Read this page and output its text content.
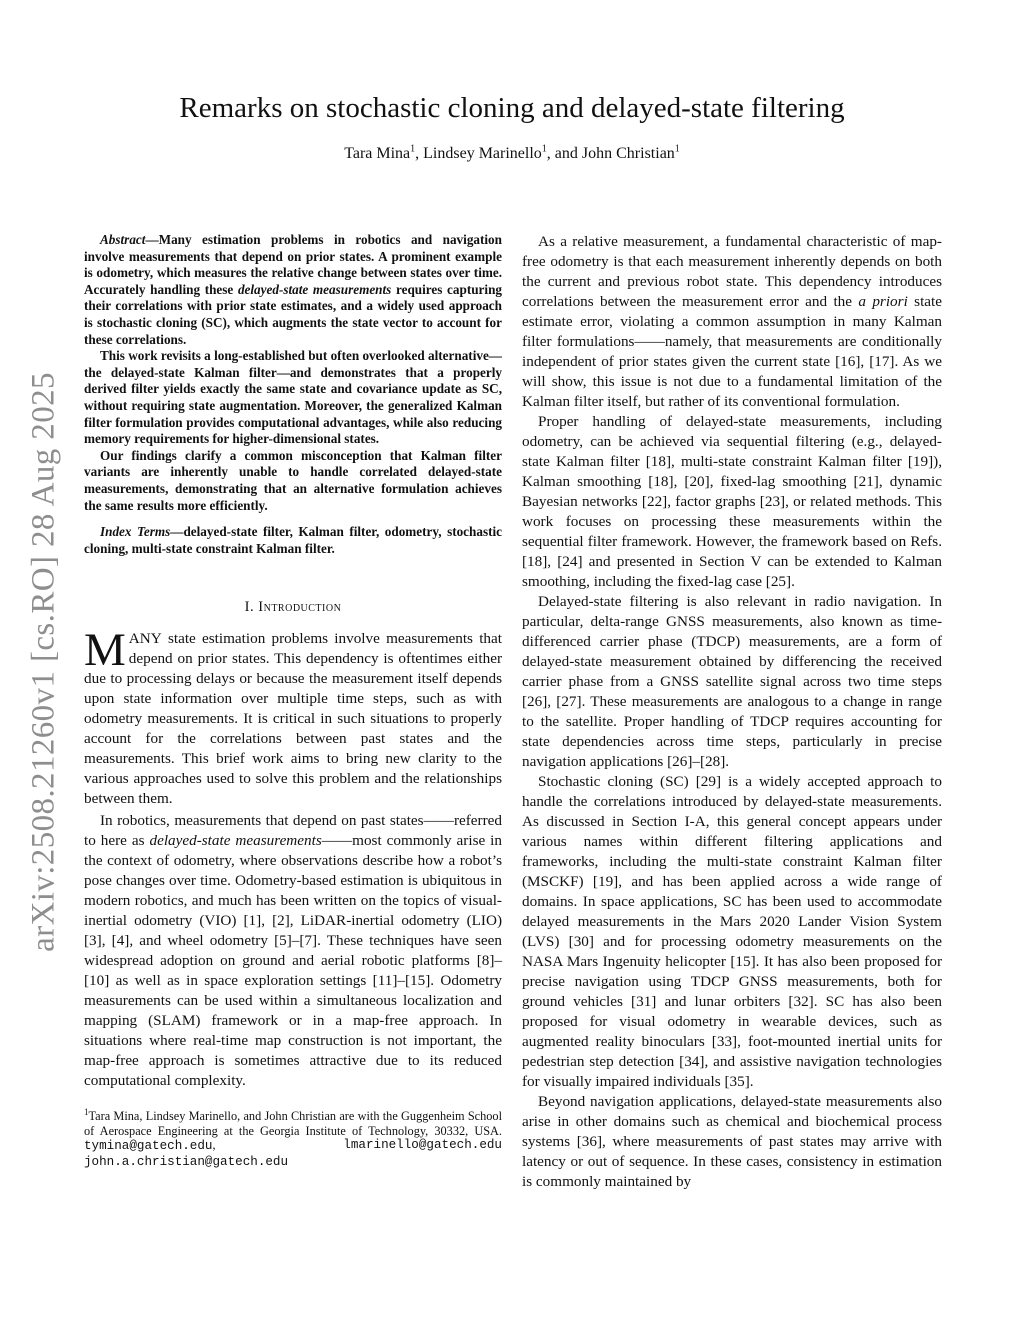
arXiv:2508.21260v1 [cs.RO] 28 Aug 2025
Remarks on stochastic cloning and delayed-state filtering
Tara Mina$^1$, Lindsey Marinello$^1$, and John Christian$^1$

Abstract—Many estimation problems in robotics and navigation involve measurements that depend on prior states. A prominent example is odometry, which measures the relative change between states over time. Accurately handling these delayed-state measurements requires capturing their correlations with prior state estimates, and a widely used approach is stochastic cloning (SC), which augments the state vector to account for these correlations.

This work revisits a long-established but often overlooked alternative—the delayed-state Kalman filter—and demonstrates that a properly derived filter yields exactly the same state and covariance update as SC, without requiring state augmentation. Moreover, the generalized Kalman filter formulation provides computational advantages, while also reducing memory requirements for higher-dimensional states.

Our findings clarify a common misconception that Kalman filter variants are inherently unable to handle correlated delayed-state measurements, demonstrating that an alternative formulation achieves the same results more efficiently.

Index Terms—delayed-state filter, Kalman filter, odometry, stochastic cloning, multi-state constraint Kalman filter.

I. Introduction

MANY state estimation problems involve measurements that depend on prior states. This dependency is oftentimes either due to processing delays or because the measurement itself depends upon state information over multiple time steps, such as with odometry measurements. It is critical in such situations to properly account for the correlations between past states and the measurements. This brief work aims to bring new clarity to the various approaches used to solve this problem and the relationships between them.

In robotics, measurements that depend on past states——referred to here as delayed-state measurements——most commonly arise in the context of odometry, where observations describe how a robot’s pose changes over time. Odometry-based estimation is ubiquitous in modern robotics, and much has been written on the topics of visual-inertial odometry (VIO) [1], [2], LiDAR-inertial odometry (LIO) [3], [4], and wheel odometry [5]–[7]. These techniques have seen widespread adoption on ground and aerial robotic platforms [8]–[10] as well as in space exploration settings [11]–[15]. Odometry measurements can be used within a simultaneous localization and mapping (SLAM) framework or in a map-free approach. In situations where real-time map construction is not important, the map-free approach is sometimes attractive due to its reduced computational complexity.

$^1$Tara Mina, Lindsey Marinello, and John Christian are with the Guggenheim School of Aerospace Engineering at the Georgia Institute of Technology, 30332, USA. tymina@gatech.edu,	lmarinello@gatech.edu

john.a.christian@gatech.edu

As a relative measurement, a fundamental characteristic of map-free odometry is that each measurement inherently depends on both the current and previous robot state. This dependency introduces correlations between the measurement error and the a priori state estimate error, violating a common assumption in many Kalman filter formulations——namely, that measurements are conditionally independent of prior states given the current state [16], [17]. As we will show, this issue is not due to a fundamental limitation of the Kalman filter itself, but rather of its conventional formulation.

Proper handling of delayed-state measurements, including odometry, can be achieved via sequential filtering (e.g., delayed-state Kalman filter [18], multi-state constraint Kalman filter [19]), Kalman smoothing [18], [20], fixed-lag smoothing [21], dynamic Bayesian networks [22], factor graphs [23], or related methods. This work focuses on processing these measurements within the sequential filter framework. However, the framework based on Refs. [18], [24] and presented in Section V can be extended to Kalman smoothing, including the fixed-lag case [25].

Delayed-state filtering is also relevant in radio navigation. In particular, delta-range GNSS measurements, also known as time-differenced carrier phase (TDCP) measurements, are a form of delayed-state measurement obtained by differencing the received carrier phase from a GNSS satellite signal across two time steps [26], [27]. These measurements are analogous to a change in range to the satellite. Proper handling of TDCP requires accounting for state dependencies across time steps, particularly in precise navigation applications [26]–[28].

Stochastic cloning (SC) [29] is a widely accepted approach to handle the correlations introduced by delayed-state measurements. As discussed in Section I-A, this general concept appears under various names within different filtering applications and frameworks, including the multi-state constraint Kalman filter (MSCKF) [19], and has been applied across a wide range of domains. In space applications, SC has been used to accommodate delayed measurements in the Mars 2020 Lander Vision System (LVS) [30] and for processing odometry measurements on the NASA Mars Ingenuity helicopter [15]. It has also been proposed for precise navigation using TDCP GNSS measurements, both for ground vehicles [31] and lunar orbiters [32]. SC has also been proposed for visual odometry in wearable devices, such as augmented reality binoculars [33], foot-mounted inertial units for pedestrian step detection [34], and assistive navigation technologies for visually impaired individuals [35].

Beyond navigation applications, delayed-state measurements also arise in other domains such as chemical and biochemical process systems [36], where measurements of past states may arrive with latency or out of sequence. In these cases, consistency in estimation is commonly maintained by
